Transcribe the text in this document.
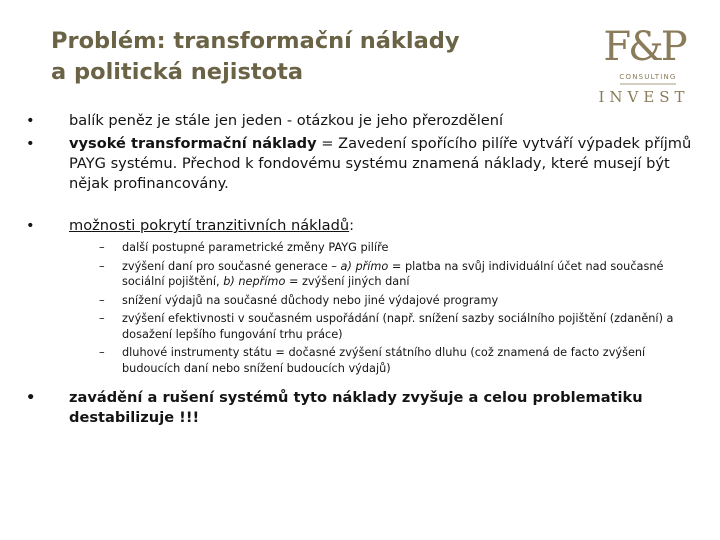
Problém: transformační náklady
a politická nejistota
F&P
CONSULTING
INVEST
•	balík peněz je stále jen jeden - otázkou je jeho přerozdělení
•	vysoké transformační náklady = Zavedení spořícího pilíře vytváří výpadek příjmů PAYG systému. Přechod k fondovému systému znamená náklady, které musejí být nějak profinancovány.
•	možnosti pokrytí tranzitivních nákladů:
– další postupné parametrické změny PAYG pilíře
– zvýšení daní pro současné generace – a) přímo = platba na svůj individuální účet nad současné sociální pojištění, b) nepřímo = zvýšení jiných daní
– snížení výdajů na současné důchody nebo jiné výdajové programy
– zvýšení efektivnosti v současném uspořádání (např. snížení sazby sociálního pojištění (zdanění) a dosažení lepšího fungování trhu práce)
– dluhové instrumenty státu = dočasné zvýšení státního dluhu (což znamená de facto zvýšení budoucích daní nebo snížení budoucích výdajů)
•	zavádění a rušení systémů tyto náklady zvyšuje a celou problematiku destabilizuje !!!
